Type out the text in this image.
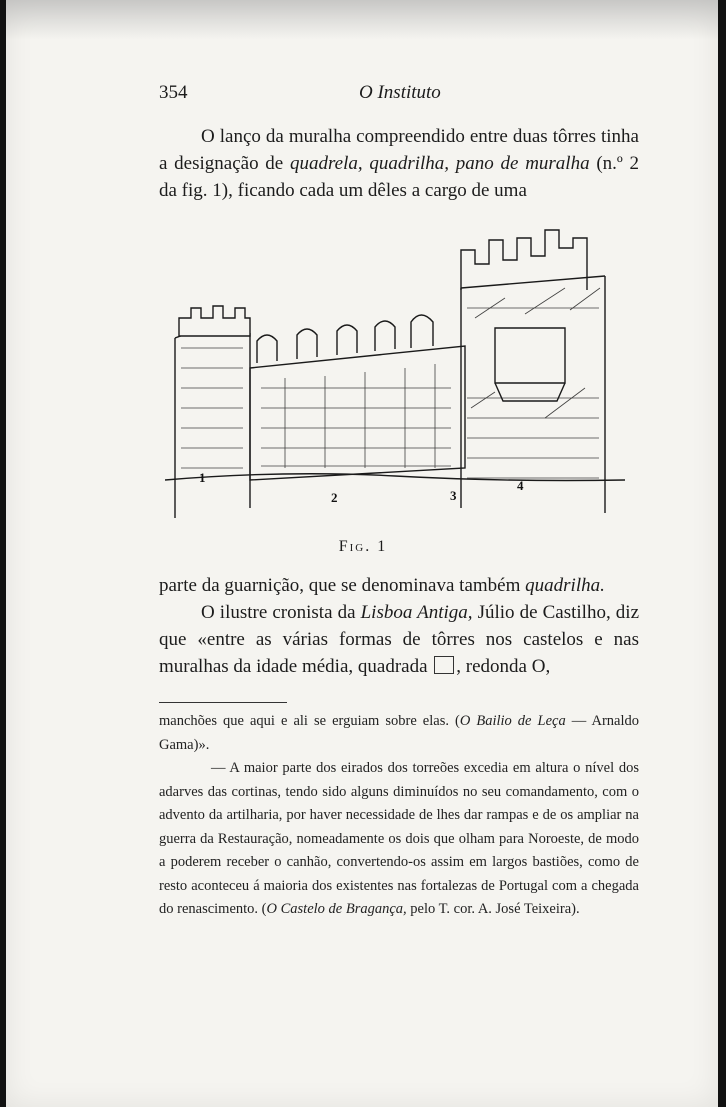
354	O Instituto

O lanço da muralha compreendido entre duas tôrres tinha a designação de quadrela, quadrilha, pano de muralha (n.º 2 da fig. 1), ficando cada um dêles a cargo de uma

1
2	3
4
Fig. 1

parte da guarnição, que se denominava também quadrilha.
O ilustre cronista da Lisboa Antiga, Júlio de Castilho, diz que «entre as várias formas de tôrres nos castelos e nas muralhas da idade média, quadrada , redonda O,

manchões que aqui e ali se erguiam sobre elas. (O Bailio de Leça — Arnaldo Gama)».

— A maior parte dos eirados dos torreões excedia em altura o nível dos adarves das cortinas, tendo sido alguns diminuídos no seu comandamento, com o advento da artilharia, por haver necessidade de lhes dar rampas e de os ampliar na guerra da Restauração, nomeadamente os dois que olham para Noroeste, de modo a poderem receber o canhão, convertendo-os assim em largos bastiões, como de resto aconteceu á maioria dos existentes nas fortalezas de Portugal com a chegada do renascimento. (O Castelo de Bragança, pelo T. cor. A. José Teixeira).
